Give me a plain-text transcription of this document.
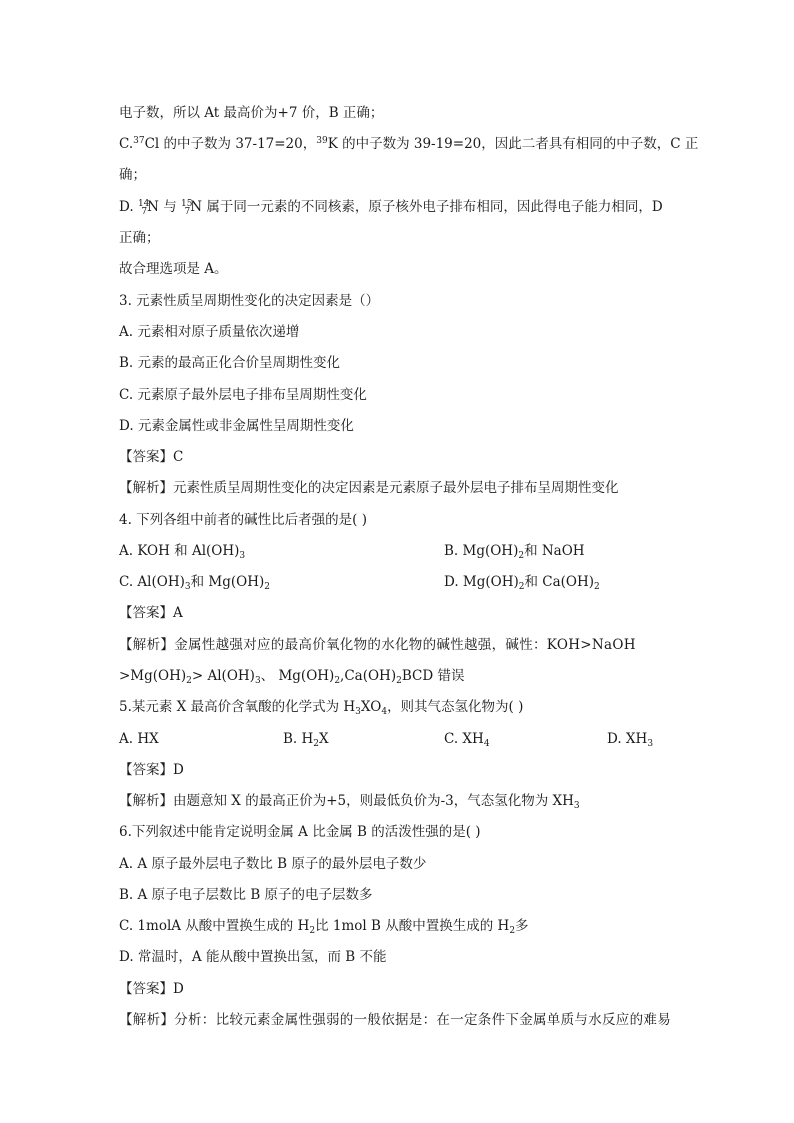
电子数，所以 At 最高价为+7 价，B 正确；
C.$^{37}$Cl 的中子数为 37-17=20，$^{39}$K 的中子数为 39-19=20，因此二者具有相同的中子数，C 正
确；
D. $^{14}_7$N 与 $^{15}_7$N 属于同一元素的不同核素，原子核外电子排布相同，因此得电子能力相同，D
正确；
故合理选项是 A。
3. 元素性质呈周期性变化的决定因素是（）
A. 元素相对原子质量依次递增
B. 元素的最高正化合价呈周期性变化
C. 元素原子最外层电子排布呈周期性变化
D. 元素金属性或非金属性呈周期性变化
【答案】C
【解析】元素性质呈周期性变化的决定因素是元素原子最外层电子排布呈周期性变化
4. 下列各组中前者的碱性比后者强的是( )
A. KOH 和 $Al(OH)_3$	B. $Mg(OH)_2$和 NaOH
C. $Al(OH)_3$和 $Mg(OH)_2$	D. $Mg(OH)_2$和 $Ca(OH)_2$
【答案】A
【解析】金属性越强对应的最高价氧化物的水化物的碱性越强，碱性：KOH>NaOH
$>Mg(OH)_2> Al(OH)_3$、 $Mg(OH)_2,Ca(OH)_2BCD$ 错误
5.某元素 X 最高价含氧酸的化学式为 $H_3XO_4$，则其气态氢化物为( )
A. HX	B. $H_2X$	C. $XH_4$	D. $XH_3$
【答案】D
【解析】由题意知 X 的最高正价为+5，则最低负价为-3，气态氢化物为 $XH_3$
6.下列叙述中能肯定说明金属 A 比金属 B 的活泼性强的是( )
A. A 原子最外层电子数比 B 原子的最外层电子数少
B. A 原子电子层数比 B 原子的电子层数多
C. 1molA 从酸中置换生成的 $H_2$比 1mol B 从酸中置换生成的 $H_2$多
D. 常温时，A 能从酸中置换出氢，而 B 不能
【答案】D
【解析】分析：比较元素金属性强弱的一般依据是：在一定条件下金属单质与水反应的难易
